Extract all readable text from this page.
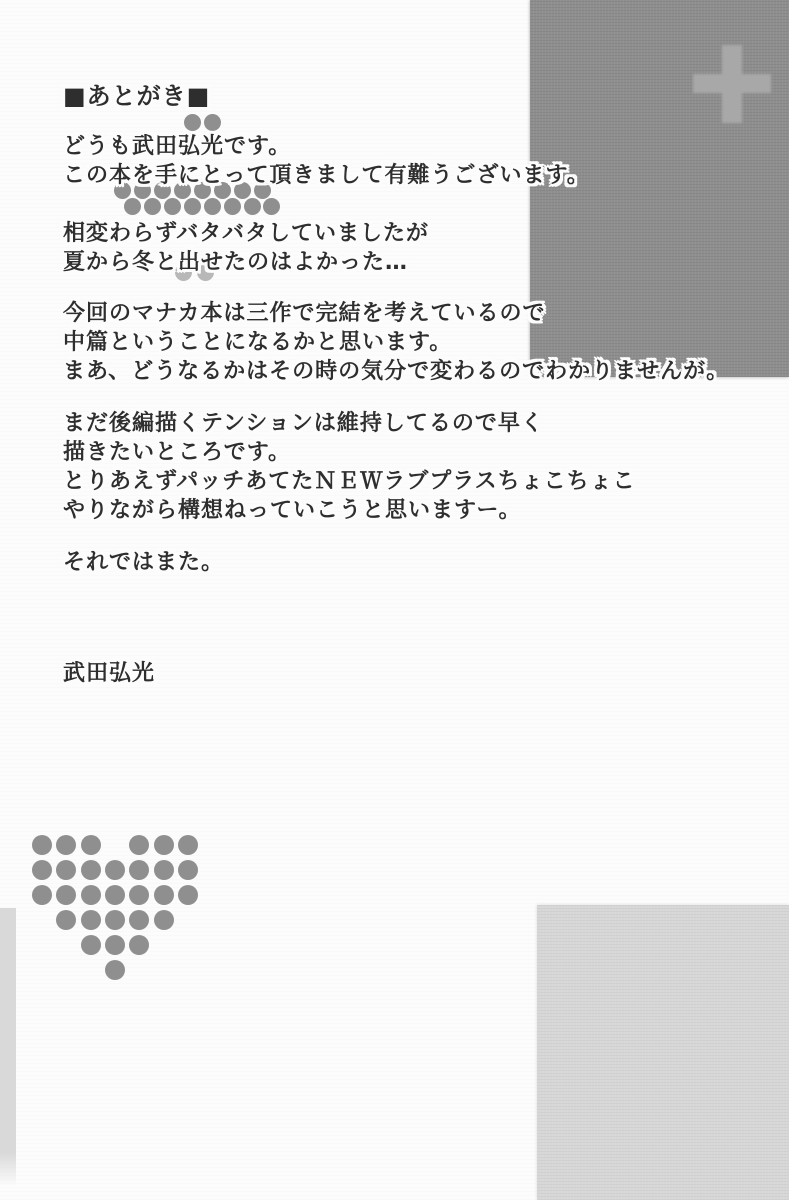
■あとがき■
どうも武田弘光です。
この本を手にとって頂きまして有難うございます。
相変わらずバタバタしていましたが
夏から冬と出せたのはよかった…
今回のマナカ本は三作で完結を考えているので
中篇ということになるかと思います。
まあ、どうなるかはその時の気分で変わるのでわかりませんが。
まだ後編描くテンションは維持してるので早く
描きたいところです。
とりあえずパッチあてたＮＥＷラブプラスちょこちょこ
やりながら構想ねっていこうと思いますー。
それではまた。
武田弘光
